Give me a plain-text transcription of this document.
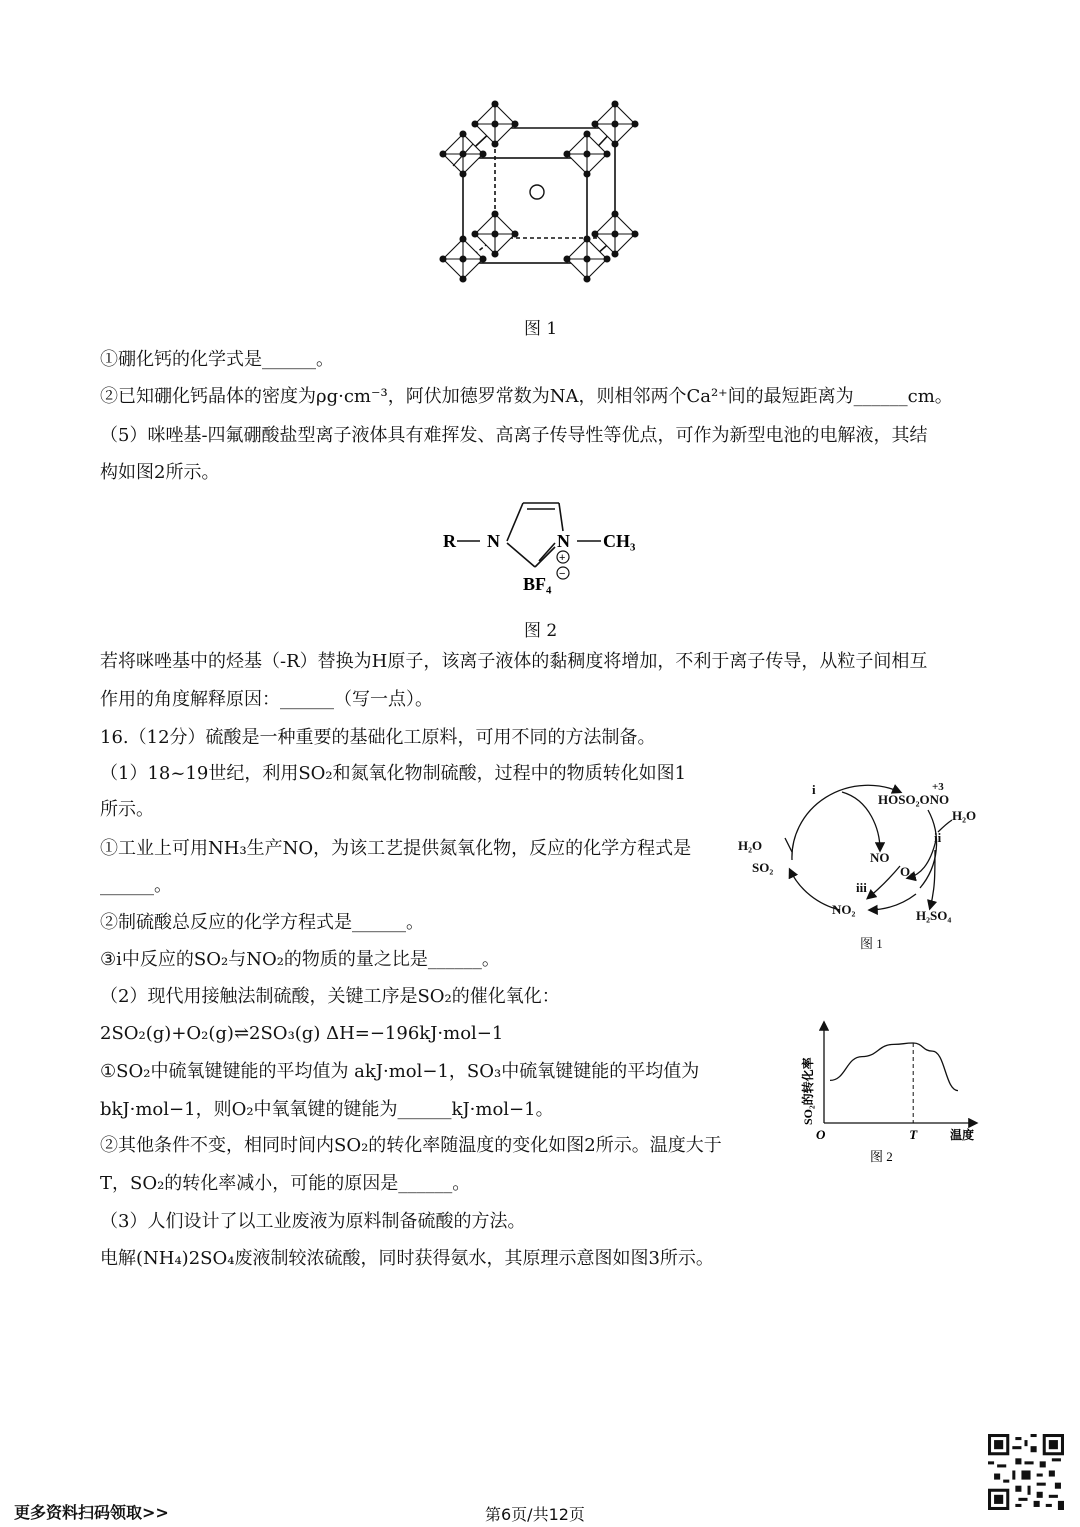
图 1
①硼化钙的化学式是______。
②已知硼化钙晶体的密度为ρg·cm⁻³，阿伏加德罗常数为NA，则相邻两个Ca²⁺间的最短距离为______cm。
（5）咪唑基-四氟硼酸盐型离子液体具有难挥发、高离子传导性等优点，可作为新型电池的电解液，其结
构如图2所示。
R N	N CH₃
+
BF₄ −
图 2
若将咪唑基中的烃基（-R）替换为H原子，该离子液体的黏稠度将增加，不利于离子传导，从粒子间相互
作用的角度解释原因：______（写一点）。
16.（12分）硫酸是一种重要的基础化工原料，可用不同的方法制备。
（1）18~19世纪，利用SO₂和氮氧化物制硫酸，过程中的物质转化如图1
所示。
①工业上可用NH₃生产NO，为该工艺提供氮氧化物，反应的化学方程式是
______。
②制硫酸总反应的化学方程式是______。
③ⅰ中反应的SO₂与NO₂的物质的量之比是______。
（2）现代用接触法制硫酸，关键工序是SO₂的催化氧化：
2SO₂(g)+O₂(g)⇌2SO₃(g) ΔH=−196kJ·mol−1
①SO₂中硫氧键键能的平均值为 akJ·mol−1，SO₃中硫氧键键能的平均值为
bkJ·mol−1，则O₂中氧氧键的键能为______kJ·mol−1。
②其他条件不变，相同时间内SO₂的转化率随温度的变化如图2所示。温度大于
T，SO₂的转化率减小，可能的原因是______。
（3）人们设计了以工业废液为原料制备硫酸的方法。
电解(NH₄)2SO₄废液制较浓硫酸，同时获得氨水，其原理示意图如图3所示。
i
ii
iii
+3
HOSO₂ONO
H₂O
H₂O
SO₂
NO
O₂
NO₂	H₂SO₄
图 1
O	T	温度
SO₂的转化率
图 2
更多资料扫码领取>>	第6页/共12页
